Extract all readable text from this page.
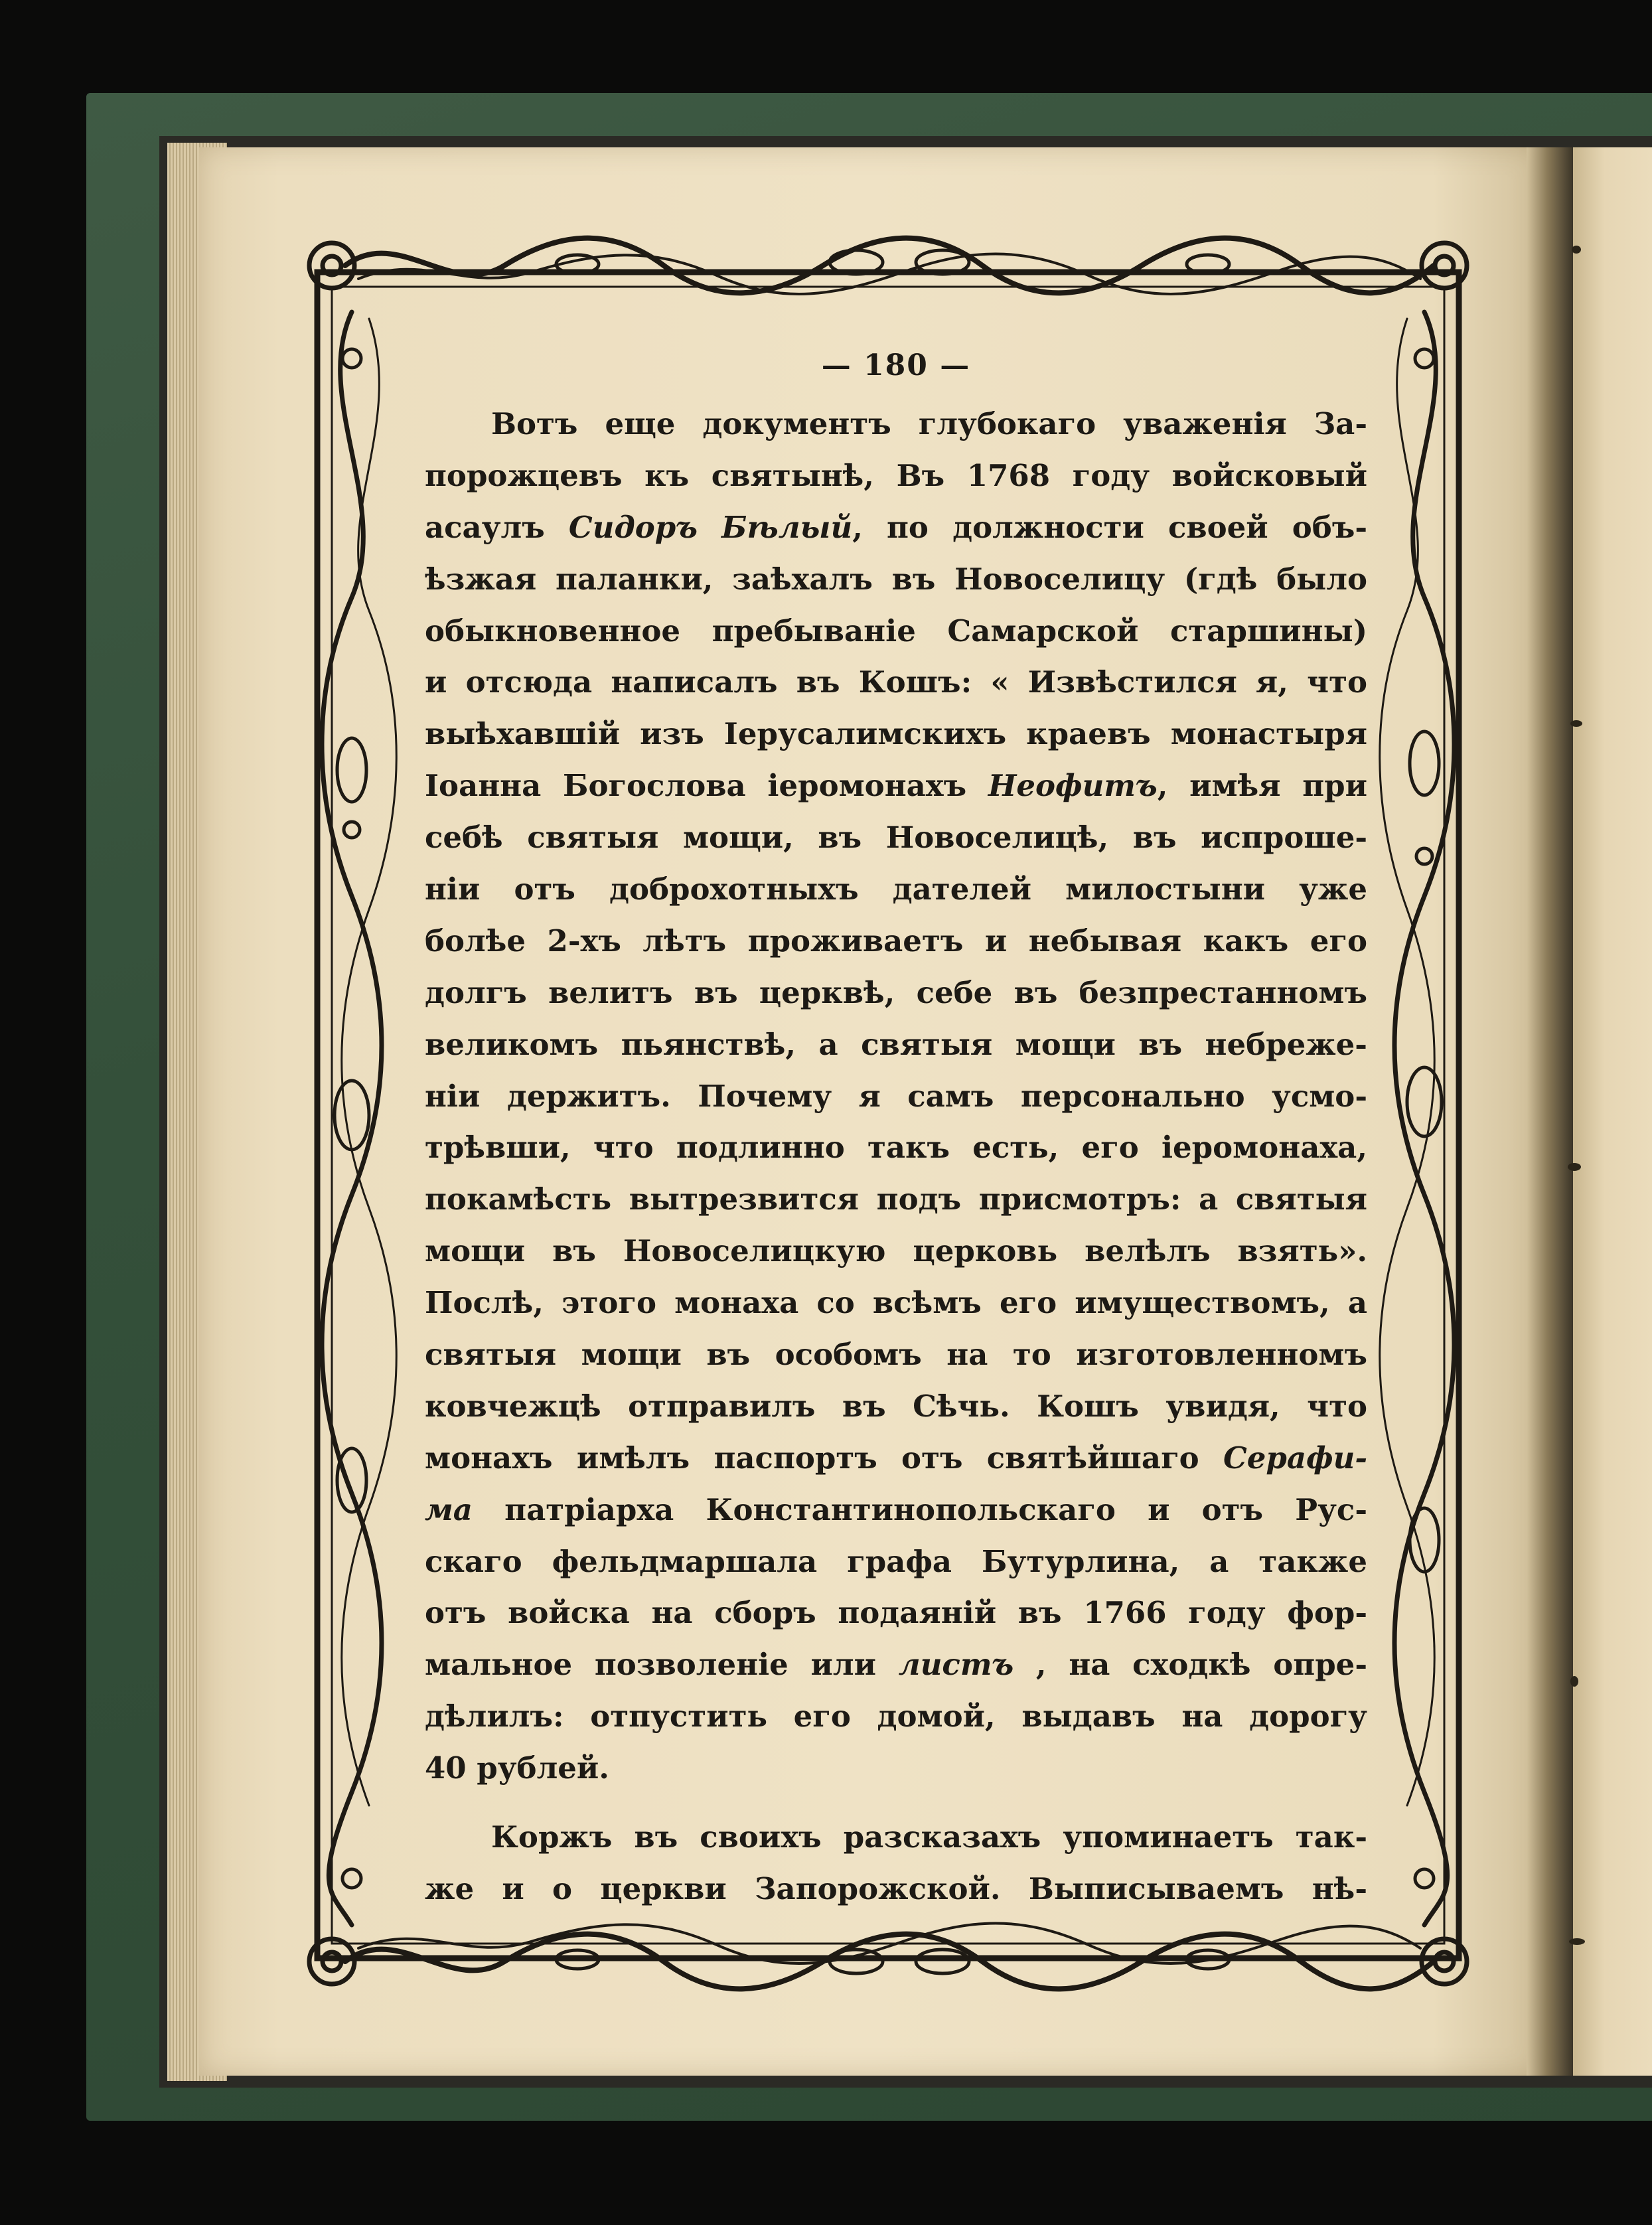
— 180 —
Вотъ еще документъ глубокаго уваженія За-
порожцевъ къ святынѣ, Въ 1768 году войсковый
асаулъ Сидоръ Бѣлый, по должности своей объ-
ѣзжая паланки, заѣхалъ въ Новоселицу (гдѣ было
обыкновенное пребываніе Самарской старшины)
и отсюда написалъ въ Кошъ: « Извѣстился я, что
выѣхавшій изъ Іерусалимскихъ краевъ монастыря
Іоанна Богослова іеромонахъ Неофитъ, имѣя при
себѣ святыя мощи, въ Новоселицѣ, въ испроше-
ніи отъ доброхотныхъ дателей милостыни уже
болѣе 2-хъ лѣтъ проживаетъ и небывая какъ его
долгъ велитъ въ церквѣ, себе въ безпрестанномъ
великомъ пьянствѣ, а святыя мощи въ небреже-
ніи держитъ. Почему я самъ персонально усмо-
трѣвши, что подлинно такъ есть, его іеромонаха,
покамѣсть вытрезвится подъ присмотръ: а святыя
мощи въ Новоселицкую церковь велѣлъ взять».
Послѣ, этого монаха со всѣмъ его имуществомъ, а
святыя мощи въ особомъ на то изготовленномъ
ковчежцѣ отправилъ въ Сѣчь. Кошъ увидя, что
монахъ имѣлъ паспортъ отъ святѣйшаго Серафи-
ма патріарха Константинопольскаго и отъ Рус-
скаго фельдмаршала графа Бутурлина, а также
отъ войска на сборъ подаяній въ 1766 году фор-
мальное позволеніе или листъ , на сходкѣ опре-
дѣлилъ: отпустить его домой, выдавъ на дорогу
40 рублей.
Коржъ въ своихъ разсказахъ упоминаетъ так-
же и о церкви Запорожской. Выписываемъ нѣ-
